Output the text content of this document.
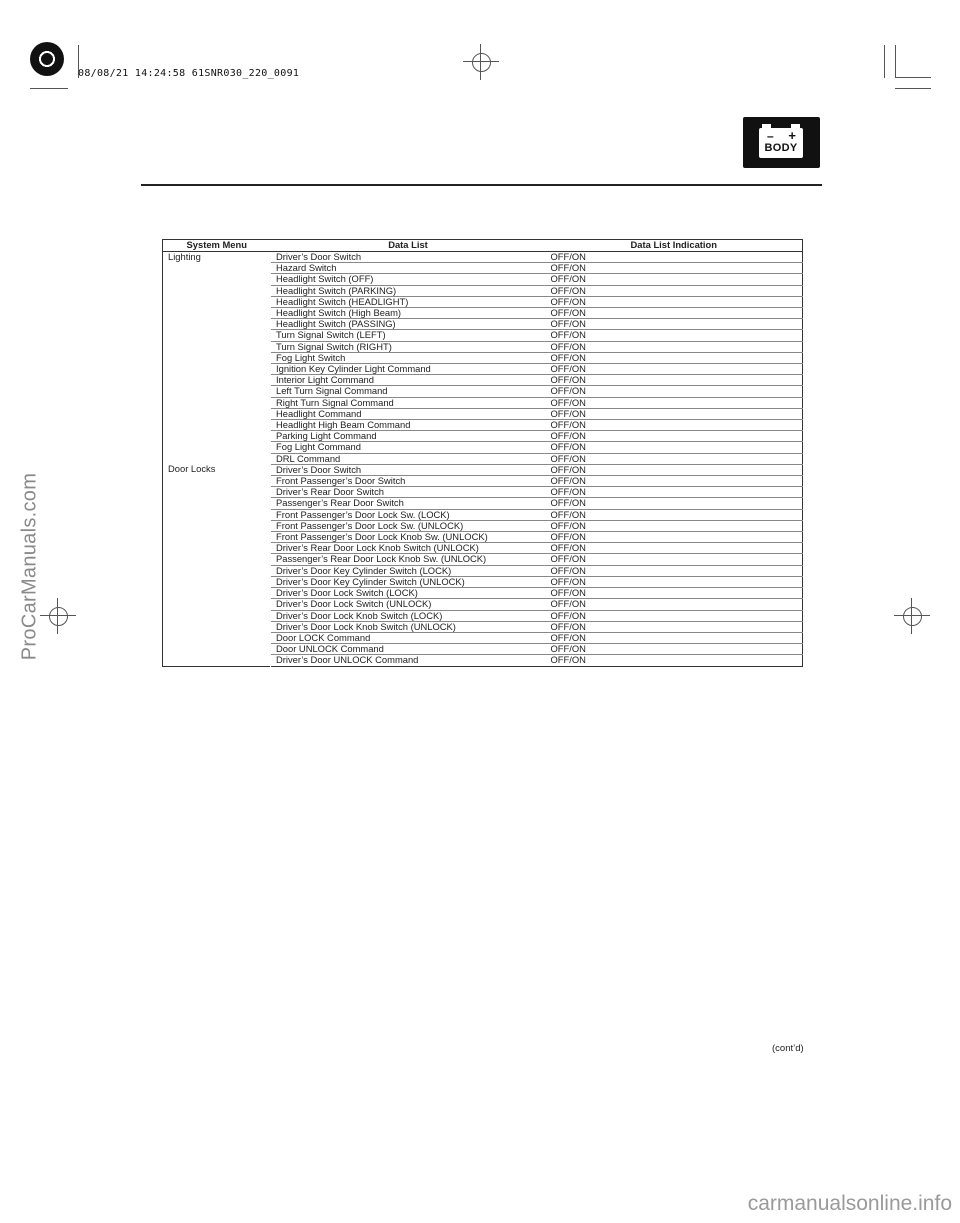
08/08/21 14:24:58 61SNR030_220_0091
– +
BODY
System Menu	Data List	Data List Indication
Lighting	Driver’s Door Switch	OFF/ON
	Hazard Switch	OFF/ON
	Headlight Switch (OFF)	OFF/ON
	Headlight Switch (PARKING)	OFF/ON
	Headlight Switch (HEADLIGHT)	OFF/ON
	Headlight Switch (High Beam)	OFF/ON
	Headlight Switch (PASSING)	OFF/ON
	Turn Signal Switch (LEFT)	OFF/ON
	Turn Signal Switch (RIGHT)	OFF/ON
	Fog Light Switch	OFF/ON
	Ignition Key Cylinder Light Command	OFF/ON
	Interior Light Command	OFF/ON
	Left Turn Signal Command	OFF/ON
	Right Turn Signal Command	OFF/ON
	Headlight Command	OFF/ON
	Headlight High Beam Command	OFF/ON
	Parking Light Command	OFF/ON
	Fog Light Command	OFF/ON
	DRL Command	OFF/ON
Door Locks	Driver’s Door Switch	OFF/ON
	Front Passenger’s Door Switch	OFF/ON
	Driver’s Rear Door Switch	OFF/ON
	Passenger’s Rear Door Switch	OFF/ON
	Front Passenger’s Door Lock Sw. (LOCK)	OFF/ON
	Front Passenger’s Door Lock Sw. (UNLOCK)	OFF/ON
	Front Passenger’s Door Lock Knob Sw. (UNLOCK)	OFF/ON
	Driver’s Rear Door Lock Knob Switch (UNLOCK)	OFF/ON
	Passenger’s Rear Door Lock Knob Sw. (UNLOCK)	OFF/ON
	Driver’s Door Key Cylinder Switch (LOCK)	OFF/ON
	Driver’s Door Key Cylinder Switch (UNLOCK)	OFF/ON
	Driver’s Door Lock Switch (LOCK)	OFF/ON
	Driver’s Door Lock Switch (UNLOCK)	OFF/ON
	Driver’s Door Lock Knob Switch (LOCK)	OFF/ON
	Driver’s Door Lock Knob Switch (UNLOCK)	OFF/ON
	Door LOCK Command	OFF/ON
	Door UNLOCK Command	OFF/ON
	Driver’s Door UNLOCK Command	OFF/ON
(cont’d)
ProCarManuals.com
carmanualsonline.info
